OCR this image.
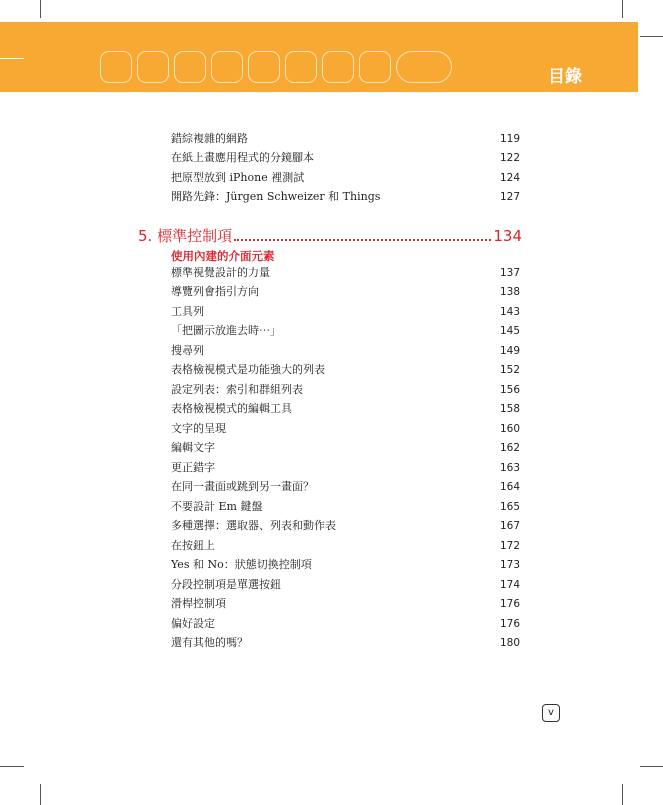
目錄
錯綜複雜的網路	119
在紙上畫應用程式的分鏡腳本	122
把原型放到 iPhone 裡測試	124
開路先鋒：Jürgen Schweizer 和 Things	127
5. 標準控制項	134
使用內建的介面元素
標準視覺設計的力量	137
導覽列會指引方向	138
工具列	143
「把圖示放進去時⋯」	145
搜尋列	149
表格檢視模式是功能強大的列表	152
設定列表：索引和群組列表	156
表格檢視模式的編輯工具	158
文字的呈現	160
編輯文字	162
更正錯字	163
在同一畫面或跳到另一畫面？	164
不要設計 Em 鍵盤	165
多種選擇：選取器、列表和動作表	167
在按鈕上	172
Yes 和 No：狀態切換控制項	173
分段控制項是單選按鈕	174
滑桿控制項	176
偏好設定	176
還有其他的嗎？	180
v
